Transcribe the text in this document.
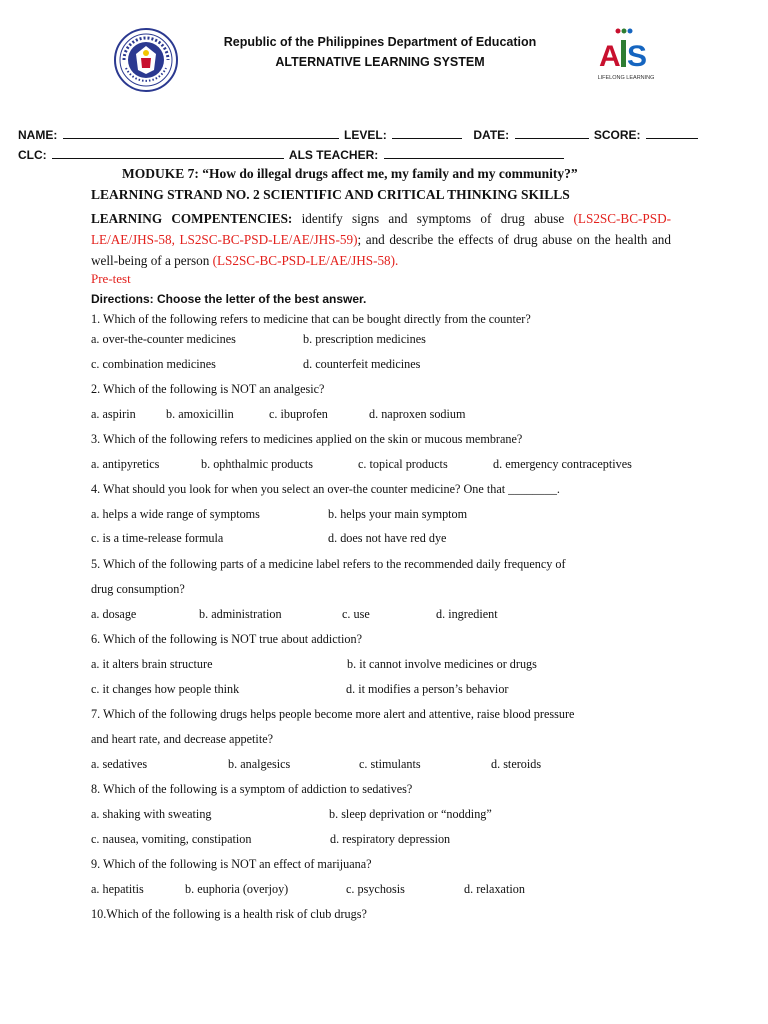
Republic of the Philippines Department of Education
ALTERNATIVE LEARNING SYSTEM	A S
LIFELONG LEARNING
NAME:	LEVEL:	DATE:	SCORE:
CLC:	ALS TEACHER:
MODUKE 7: “How do illegal drugs affect me, my family and my community?”
LEARNING STRAND NO. 2 SCIENTIFIC AND CRITICAL THINKING SKILLS
LEARNING COMPENTENCIES: identify signs and symptoms of drug abuse (LS2SC-BC-PSD-LE/AE/JHS-58, LS2SC-BC-PSD-LE/AE/JHS-59); and describe the effects of drug abuse on the health and well-being of a person (LS2SC-BC-PSD-LE/AE/JHS-58).
Pre-test
Directions: Choose the letter of the best answer.
1. Which of the following refers to medicine that can be bought directly from the counter?
a. over-the-counter medicines	b. prescription medicines
c. combination medicines	d. counterfeit medicines
2. Which of the following is NOT an analgesic?
a. aspirin b. amoxicillin	c. ibuprofen	d. naproxen sodium
3. Which of the following refers to medicines applied on the skin or mucous membrane?
a. antipyretics	b. ophthalmic products	c. topical products	d. emergency contraceptives
4. What should you look for when you select an over-the counter medicine? One that ________.
a. helps a wide range of symptoms	b. helps your main symptom
c. is a time-release formula	d. does not have red dye
5. Which of the following parts of a medicine label refers to the recommended daily frequency of
drug consumption?
a. dosage	b. administration	c. use	d. ingredient
6. Which of the following is NOT true about addiction?
a. it alters brain structure	b. it cannot involve medicines or drugs
c. it changes how people think	d. it modifies a person’s behavior
7. Which of the following drugs helps people become more alert and attentive, raise blood pressure
and heart rate, and decrease appetite?
a. sedatives	b. analgesics	c. stimulants	d. steroids
8. Which of the following is a symptom of addiction to sedatives?
a. shaking with sweating	b. sleep deprivation or “nodding”
c. nausea, vomiting, constipation	d. respiratory depression
9. Which of the following is NOT an effect of marijuana?
a. hepatitis	b. euphoria (overjoy)	c. psychosis	d. relaxation
10.Which of the following is a health risk of club drugs?
